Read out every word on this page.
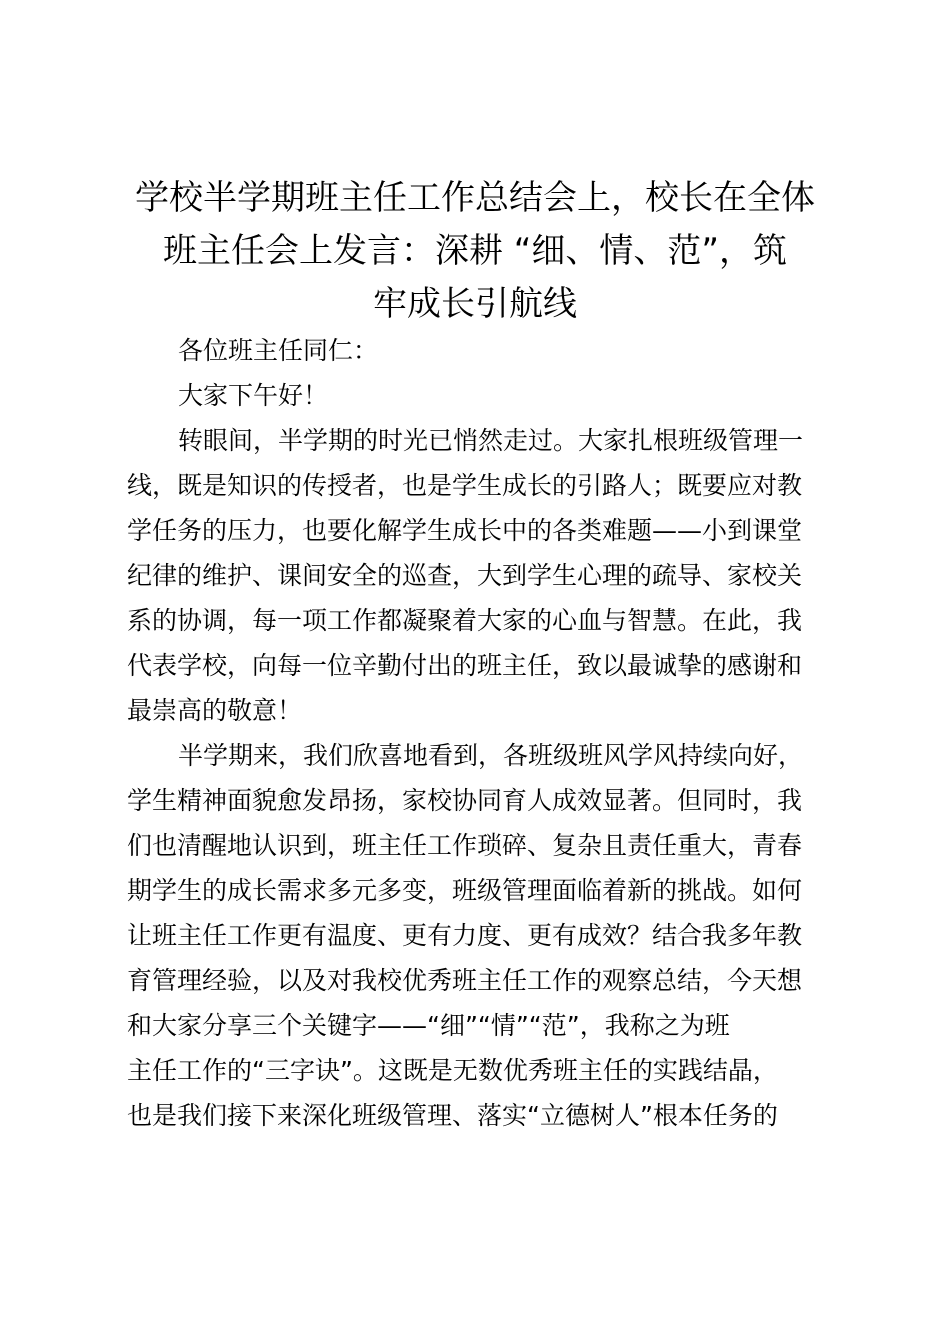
学校半学期班主任工作总结会上，校长在全体
班主任会上发言：深耕 “细、情、范”，筑
牢成长引航线

各位班主任同仁：

大家下午好！

转眼间，半学期的时光已悄然走过。大家扎根班级管理一
线，既是知识的传授者，也是学生成长的引路人；既要应对教
学任务的压力，也要化解学生成长中的各类难题——小到课堂
纪律的维护、课间安全的巡查，大到学生心理的疏导、家校关
系的协调，每一项工作都凝聚着大家的心血与智慧。在此，我
代表学校，向每一位辛勤付出的班主任，致以最诚挚的感谢和
最崇高的敬意！

半学期来，我们欣喜地看到，各班级班风学风持续向好，
学生精神面貌愈发昂扬，家校协同育人成效显著。但同时，我
们也清醒地认识到，班主任工作琐碎、复杂且责任重大，青春
期学生的成长需求多元多变，班级管理面临着新的挑战。如何
让班主任工作更有温度、更有力度、更有成效？结合我多年教
育管理经验，以及对我校优秀班主任工作的观察总结，今天想
和大家分享三个关键字——“细”“情”“范”，我称之为班
主任工作的“三字诀”。这既是无数优秀班主任的实践结晶，
也是我们接下来深化班级管理、落实“立德树人”根本任务的
